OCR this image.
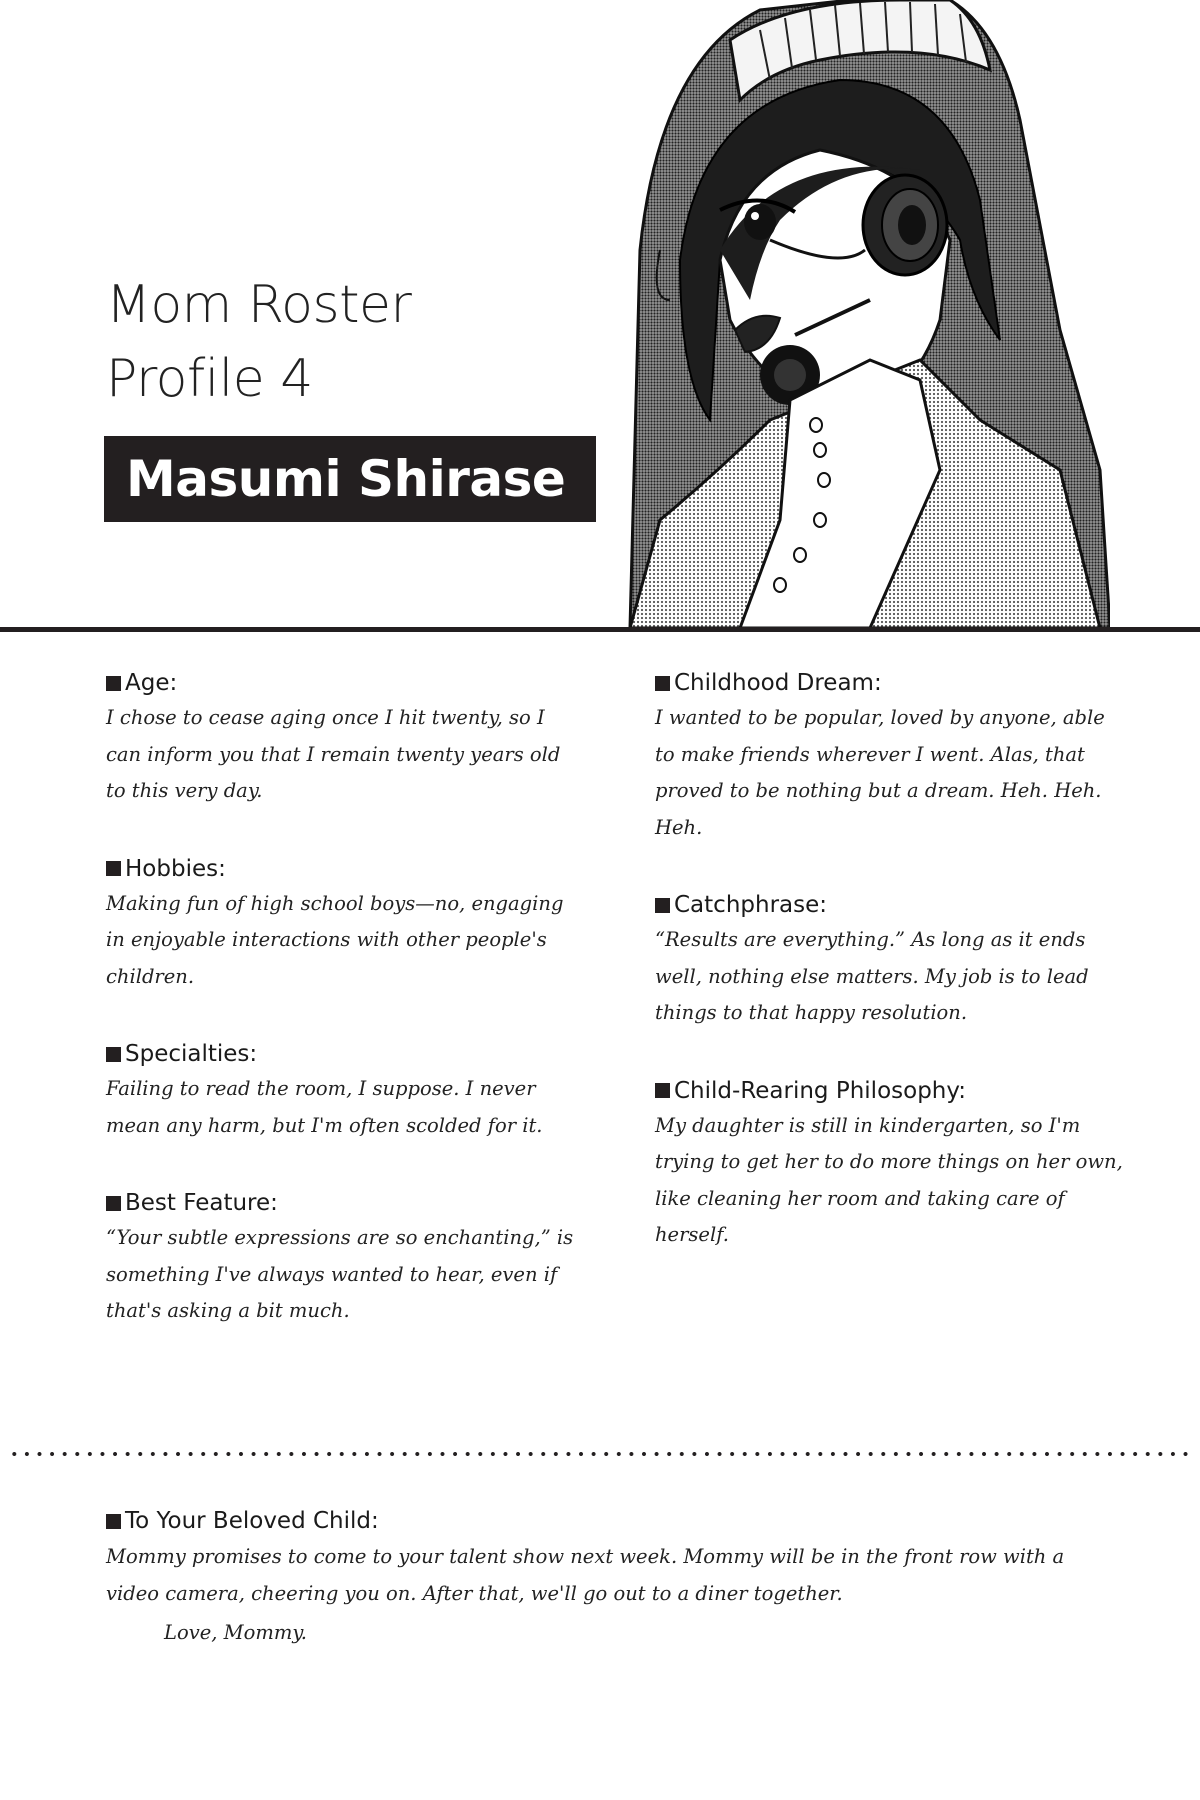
Mom Roster
Profile 4
Masumi Shirase
Age:
I chose to cease aging once I hit twenty, so I can inform you that I remain twenty years old to this very day.
Hobbies:
Making fun of high school boys—no, engaging in enjoyable interactions with other people's children.
Specialties:
Failing to read the room, I suppose. I never mean any harm, but I'm often scolded for it.
Best Feature:
“Your subtle expressions are so enchanting,” is something I've always wanted to hear, even if that's asking a bit much.
Childhood Dream:
I wanted to be popular, loved by anyone, able to make friends wherever I went. Alas, that proved to be nothing but a dream. Heh. Heh. Heh.
Catchphrase:
“Results are everything.” As long as it ends well, nothing else matters. My job is to lead things to that happy resolution.
Child-Rearing Philosophy:
My daughter is still in kindergarten, so I'm trying to get her to do more things on her own, like cleaning her room and taking care of herself.
To Your Beloved Child:
Mommy promises to come to your talent show next week. Mommy will be in the front row with a video camera, cheering you on. After that, we'll go out to a diner together.
Love, Mommy.
